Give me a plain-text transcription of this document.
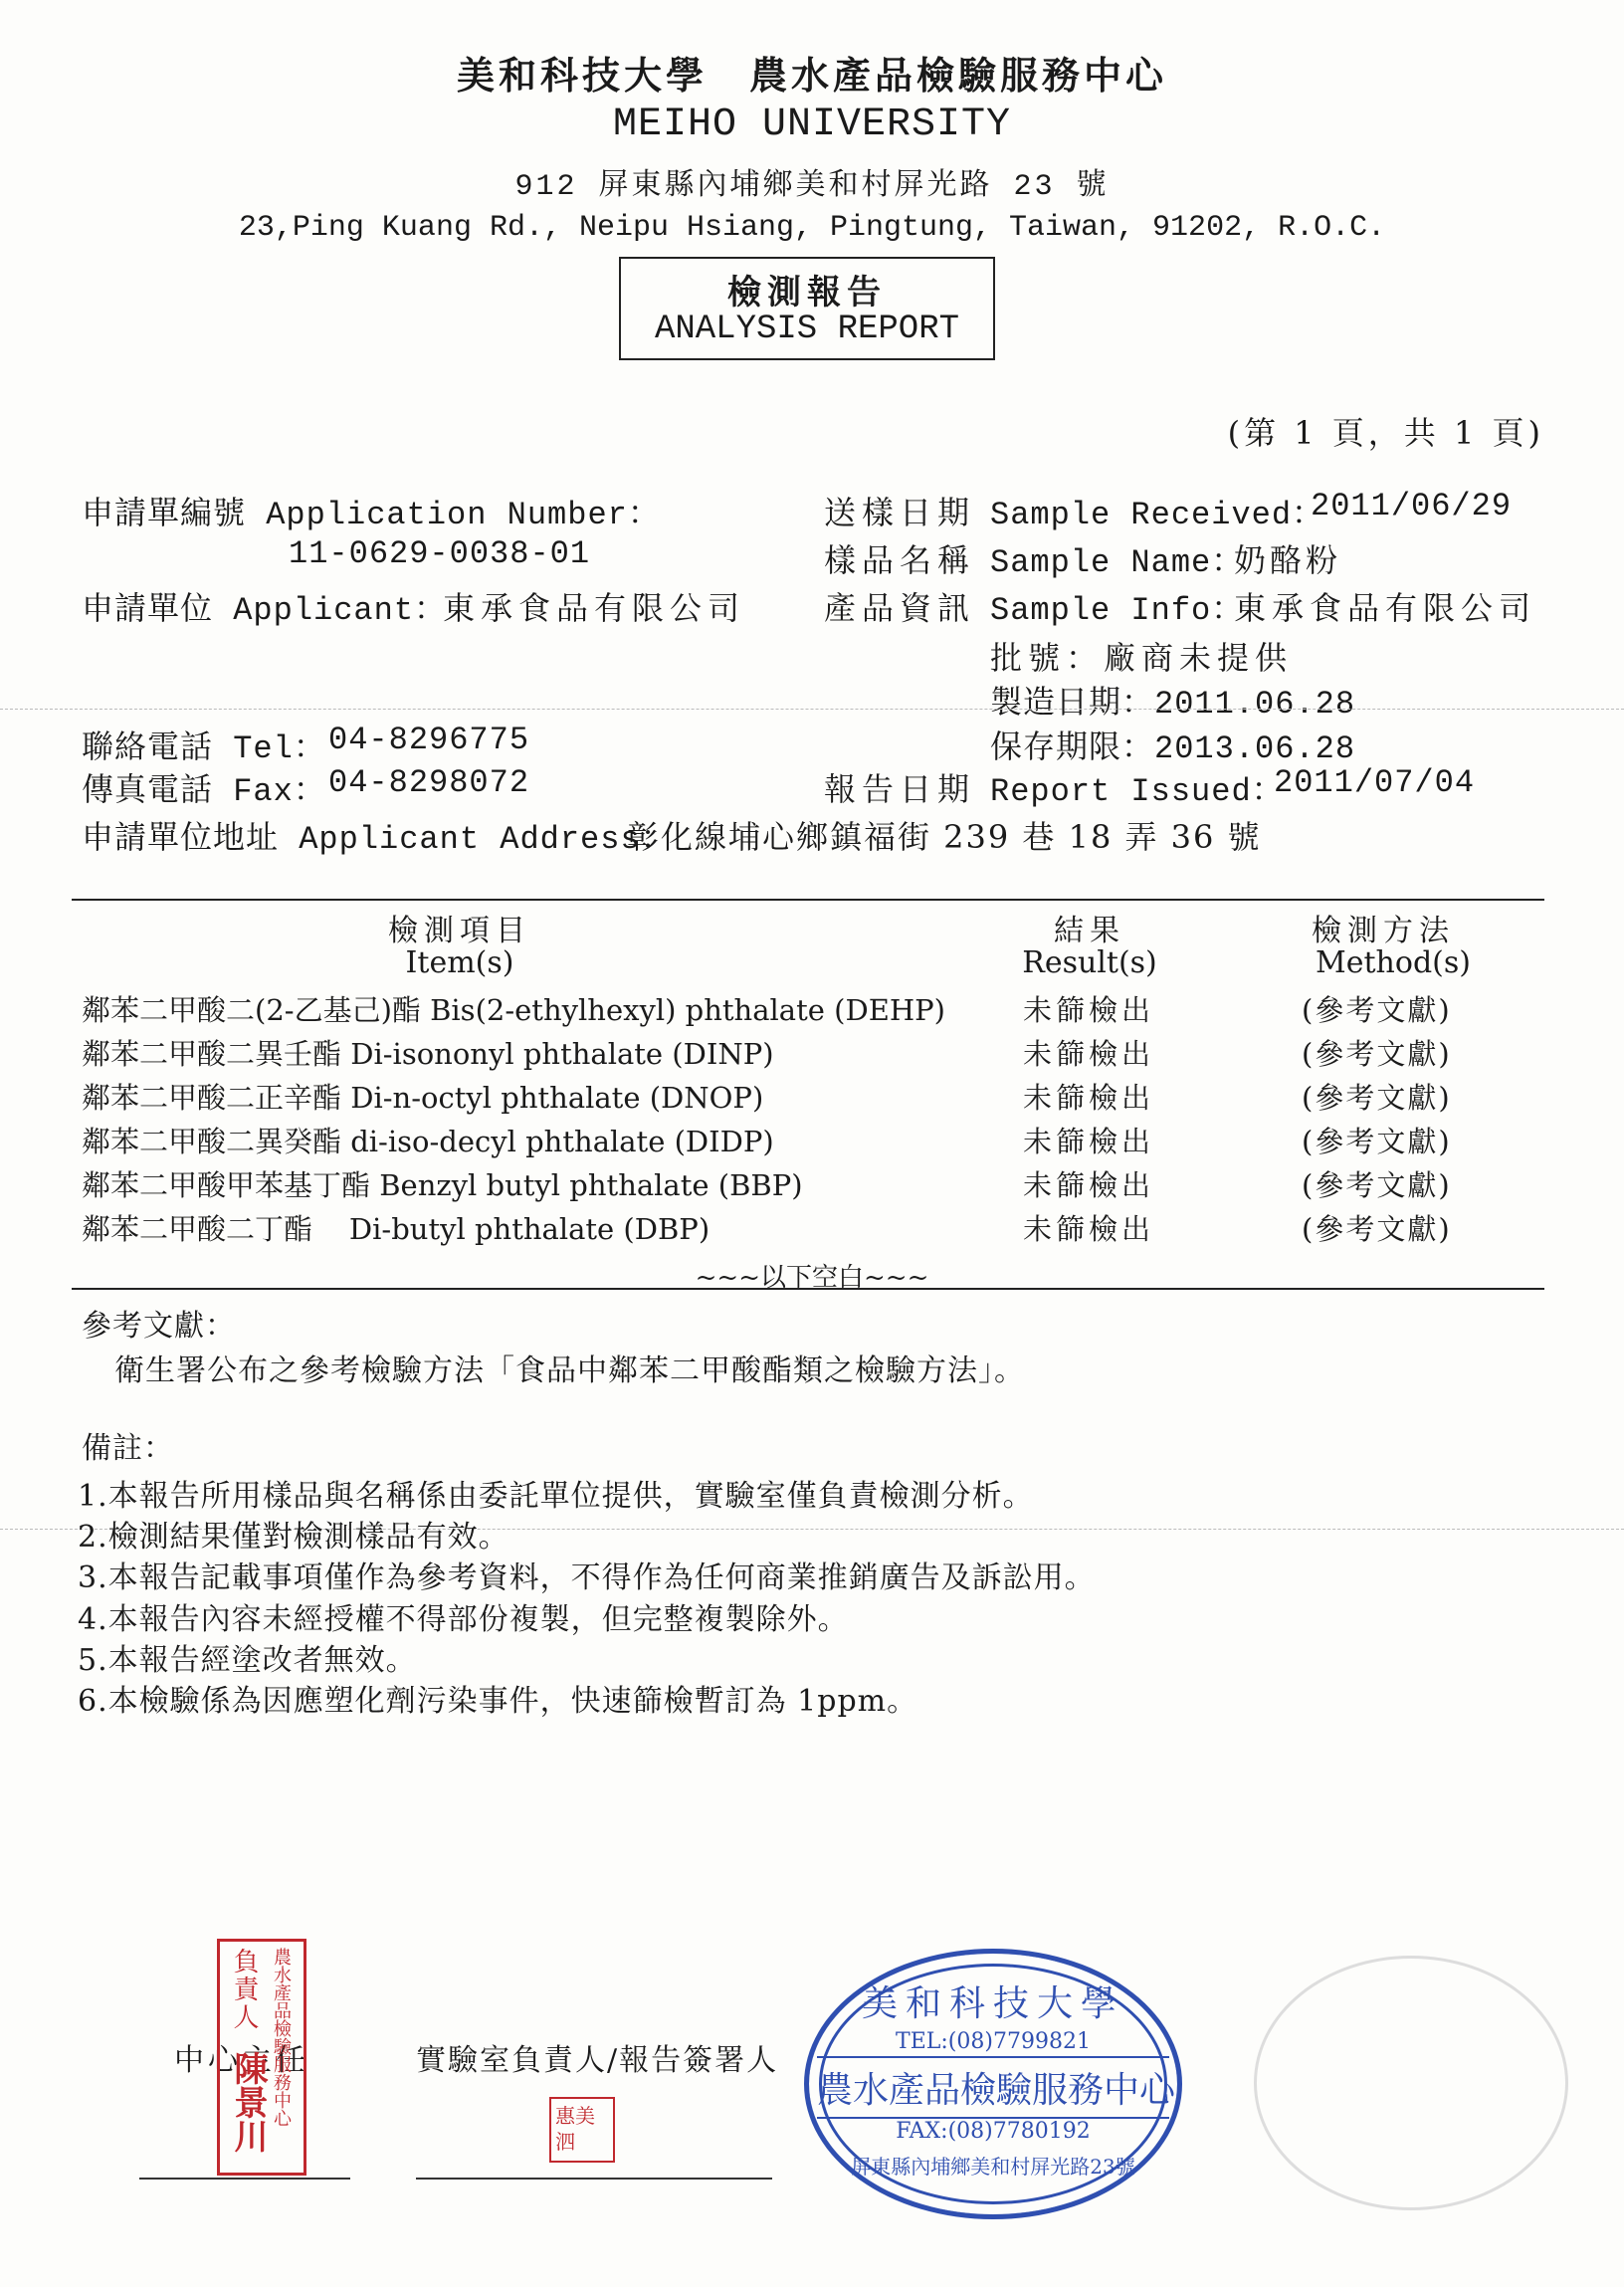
美和科技大學　農水產品檢驗服務中心
MEIHO UNIVERSITY
912 屏東縣內埔鄉美和村屏光路 23 號
23,Ping Kuang Rd., Neipu Hsiang, Pingtung, Taiwan, 91202, R.O.C.
檢測報告
ANALYSIS REPORT
(第 1 頁，共 1 頁)
申請單編號 Application Number：
11-0629-0038-01
申請單位 Applicant：
東承食品有限公司
聯絡電話 Tel： 04-8296775
傳真電話 Fax： 04-8298072
申請單位地址 Applicant Address：
彰化線埔心鄉鎮福街 239 巷 18 弄 36 號
送樣日期 Sample Received：
2011/06/29
樣品名稱 Sample Name：
奶酪粉
產品資訊 Sample Info：
東承食品有限公司
批號：廠商未提供
製造日期：2011.06.28
保存期限：2013.06.28
報告日期 Report Issued：
2011/07/04
檢測項目
Item(s)
結果
Result(s)
檢測方法
Method(s)
鄰苯二甲酸二(2-乙基己)酯 Bis(2-ethylhexyl) phthalate (DEHP)	未篩檢出	(參考文獻)
鄰苯二甲酸二異壬酯 Di-isononyl phthalate (DINP)	未篩檢出	(參考文獻)
鄰苯二甲酸二正辛酯 Di-n-octyl phthalate (DNOP)	未篩檢出	(參考文獻)
鄰苯二甲酸二異癸酯 di-iso-decyl phthalate (DIDP)	未篩檢出	(參考文獻)
鄰苯二甲酸甲苯基丁酯 Benzyl butyl phthalate (BBP)	未篩檢出	(參考文獻)
鄰苯二甲酸二丁酯    Di-butyl phthalate (DBP)	未篩檢出	(參考文獻)
~~~以下空白~~~
參考文獻：
衛生署公布之參考檢驗方法「食品中鄰苯二甲酸酯類之檢驗方法」。
備註：
1.本報告所用樣品與名稱係由委託單位提供，實驗室僅負責檢測分析。
2.檢測結果僅對檢測樣品有效。
3.本報告記載事項僅作為參考資料，不得作為任何商業推銷廣告及訴訟用。
4.本報告內容未經授權不得部份複製，但完整複製除外。
5.本報告經塗改者無效。
6.本檢驗係為因應塑化劑污染事件，快速篩檢暫訂為 1ppm。
中心主任
負責人 農水產品檢驗服務中心
陳景川	實驗室負責人/報告簽署人
惠美泗
美和科技大學
TEL:(08)7799821
農水產品檢驗服務中心
FAX:(08)7780192
屏東縣內埔鄉美和村屏光路23號
